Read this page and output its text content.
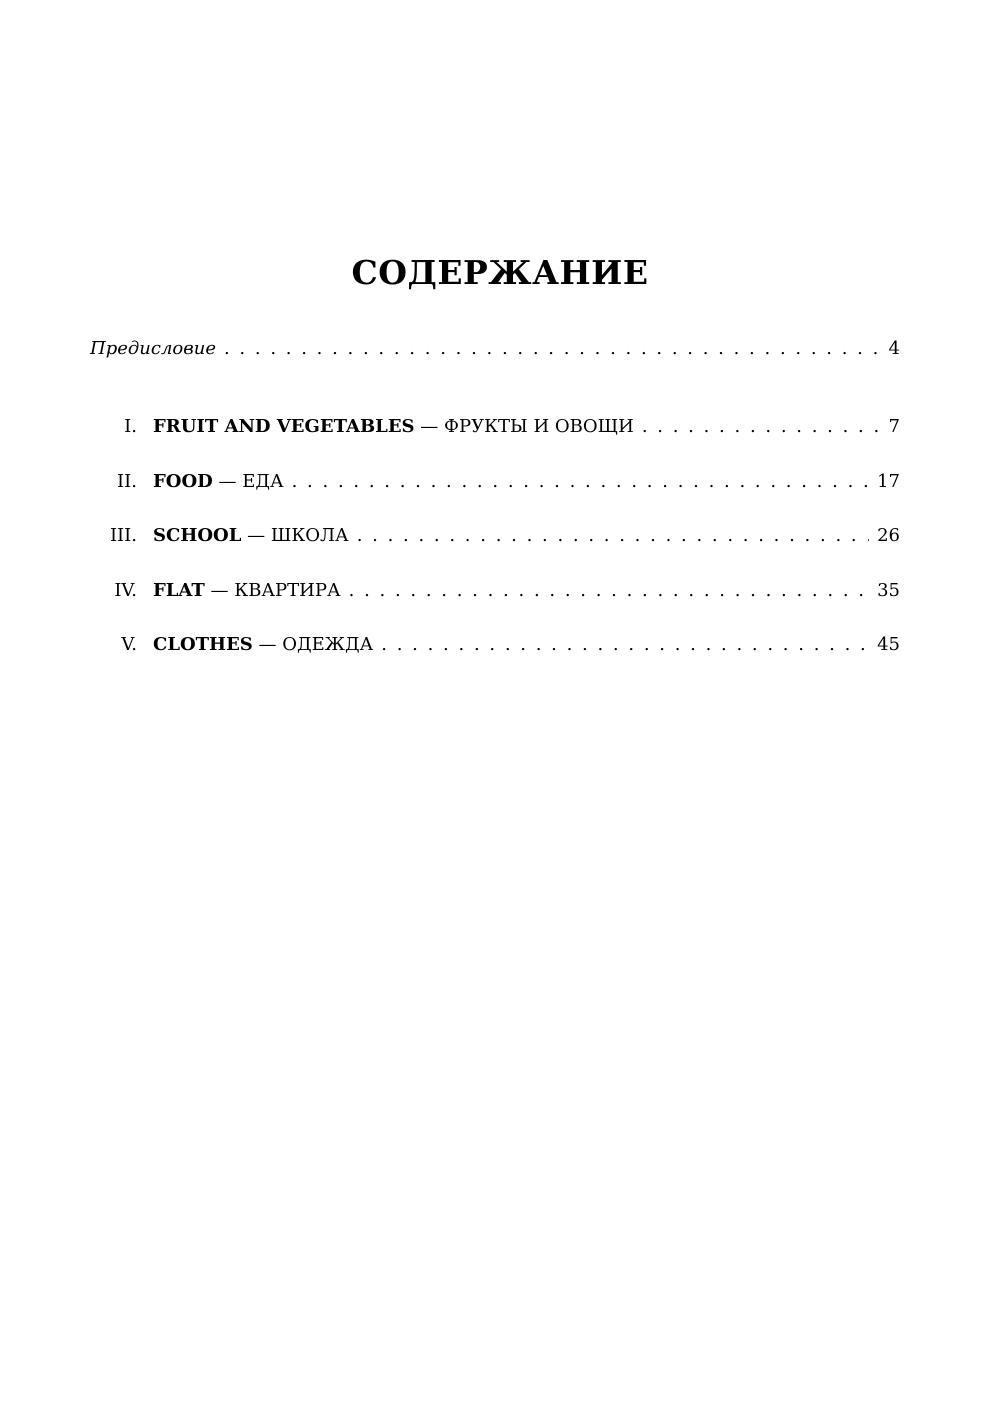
СОДЕРЖАНИЕ
Предисловие . . .	4
I. FRUIT AND VEGETABLES — ФРУКТЫ И ОВОЩИ . . .	7
II. FOOD — ЕДА . . .	17
III. SCHOOL — ШКОЛА . . .	26
IV. FLAT — КВАРТИРА . . .	35
V. CLOTHES — ОДЕЖДА . . .	45
